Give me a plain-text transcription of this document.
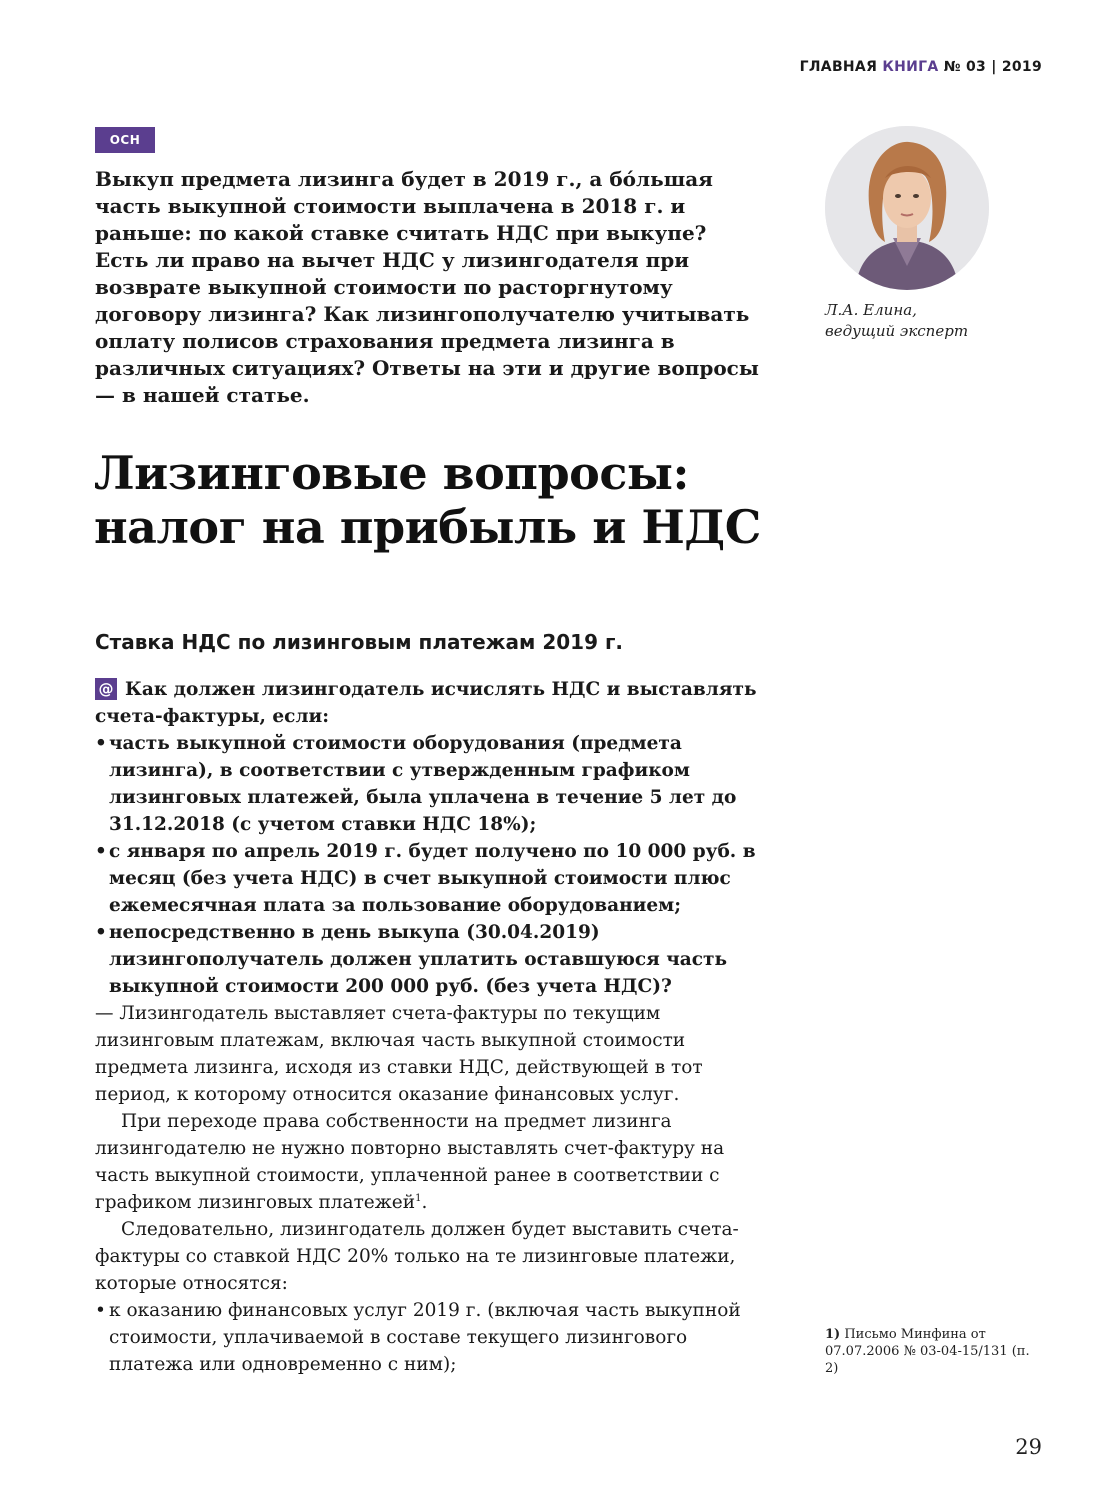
ГЛАВНАЯ КНИГА № 03 | 2019
ОСН

Выкуп предмета лизинга будет в 2019 г., а бо́льшая часть выкупной стоимости выплачена в 2018 г. и раньше: по какой ставке считать НДС при выкупе? Есть ли право на вычет НДС у лизингодателя при возврате выкупной стоимости по расторгнутому договору лизинга? Как лизингополучателю учитывать оплату полисов страхования предмета лизинга в различных ситуациях? Ответы на эти и другие вопросы — в нашей статье.

Л.А. Елина,
ведущий эксперт
Лизинговые вопросы:
налог на прибыль и НДС
Ставка НДС по лизинговым платежам 2019 г.

@ Как должен лизингодатель исчислять НДС и выставлять счета-фактуры, если:

• часть выкупной стоимости оборудования (предмета лизинга), в соответствии с утвержденным графиком лизинговых платежей, была уплачена в течение 5 лет до 31.12.2018 (с учетом ставки НДС 18%);
• с января по апрель 2019 г. будет получено по 10 000 руб. в месяц (без учета НДС) в счет выкупной стоимости плюс ежемесячная плата за пользование оборудованием;
• непосредственно в день выкупа (30.04.2019) лизингополучатель должен уплатить оставшуюся часть выкупной стоимости 200 000 руб. (без учета НДС)?

— Лизингодатель выставляет счета-фактуры по текущим лизинговым платежам, включая часть выкупной стоимости предмета лизинга, исходя из ставки НДС, действующей в тот период, к которому относится оказание финансовых услуг.

При переходе права собственности на предмет лизинга лизингодателю не нужно повторно выставлять счет-фактуру на часть выкупной стоимости, уплаченной ранее в соответствии с графиком лизинговых платежей$^1$.

Следовательно, лизингодатель должен будет выставить счета-фактуры со ставкой НДС 20% только на те лизинговые платежи, которые относятся:

• к оказанию финансовых услуг 2019 г. (включая часть выкупной стоимости, уплачиваемой в составе текущего лизингового платежа или одновременно с ним);
1) Письмо Минфина от 07.07.2006 № 03-04-15/131 (п. 2)
29
